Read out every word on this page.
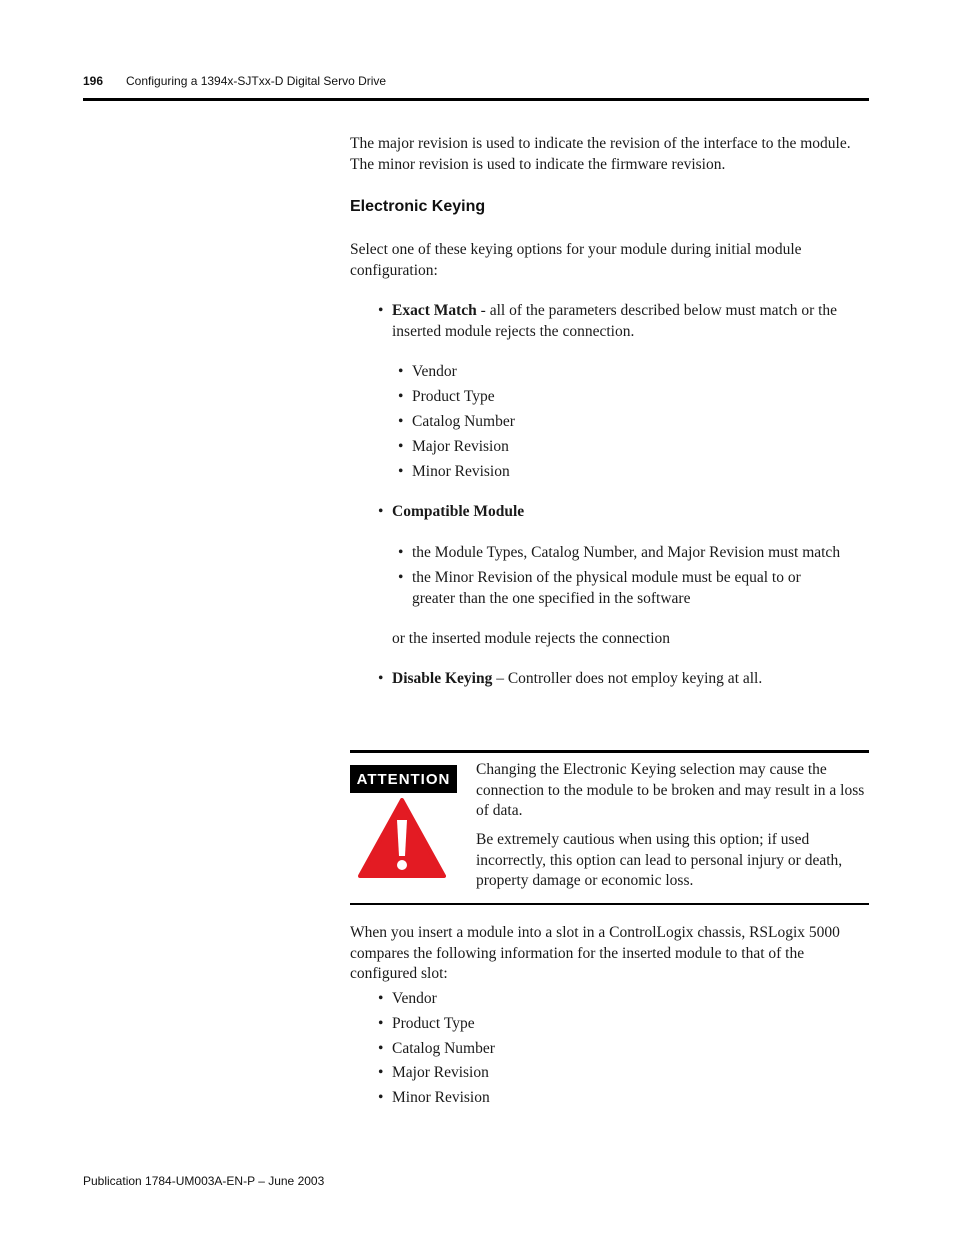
196 Configuring a 1394x-SJTxx-D Digital Servo Drive

The major revision is used to indicate the revision of the interface to the module. The minor revision is used to indicate the firmware revision.

Electronic Keying

Select one of these keying options for your module during initial module configuration:

• Exact Match - all of the parameters described below must match or the inserted module rejects the connection.
• Vendor
• Product Type
• Catalog Number
• Major Revision
• Minor Revision
• Compatible Module
• the Module Types, Catalog Number, and Major Revision must match
• the Minor Revision of the physical module must be equal to or greater than the one specified in the software
or the inserted module rejects the connection
• Disable Keying – Controller does not employ keying at all.
ATTENTION

Changing the Electronic Keying selection may cause the connection to the module to be broken and may result in a loss of data.

Be extremely cautious when using this option; if used incorrectly, this option can lead to personal injury or death, property damage or economic loss.

When you insert a module into a slot in a ControlLogix chassis, RSLogix 5000 compares the following information for the inserted module to that of the configured slot:

• Vendor
• Product Type
• Catalog Number
• Major Revision
• Minor Revision
Publication 1784-UM003A-EN-P – June 2003
